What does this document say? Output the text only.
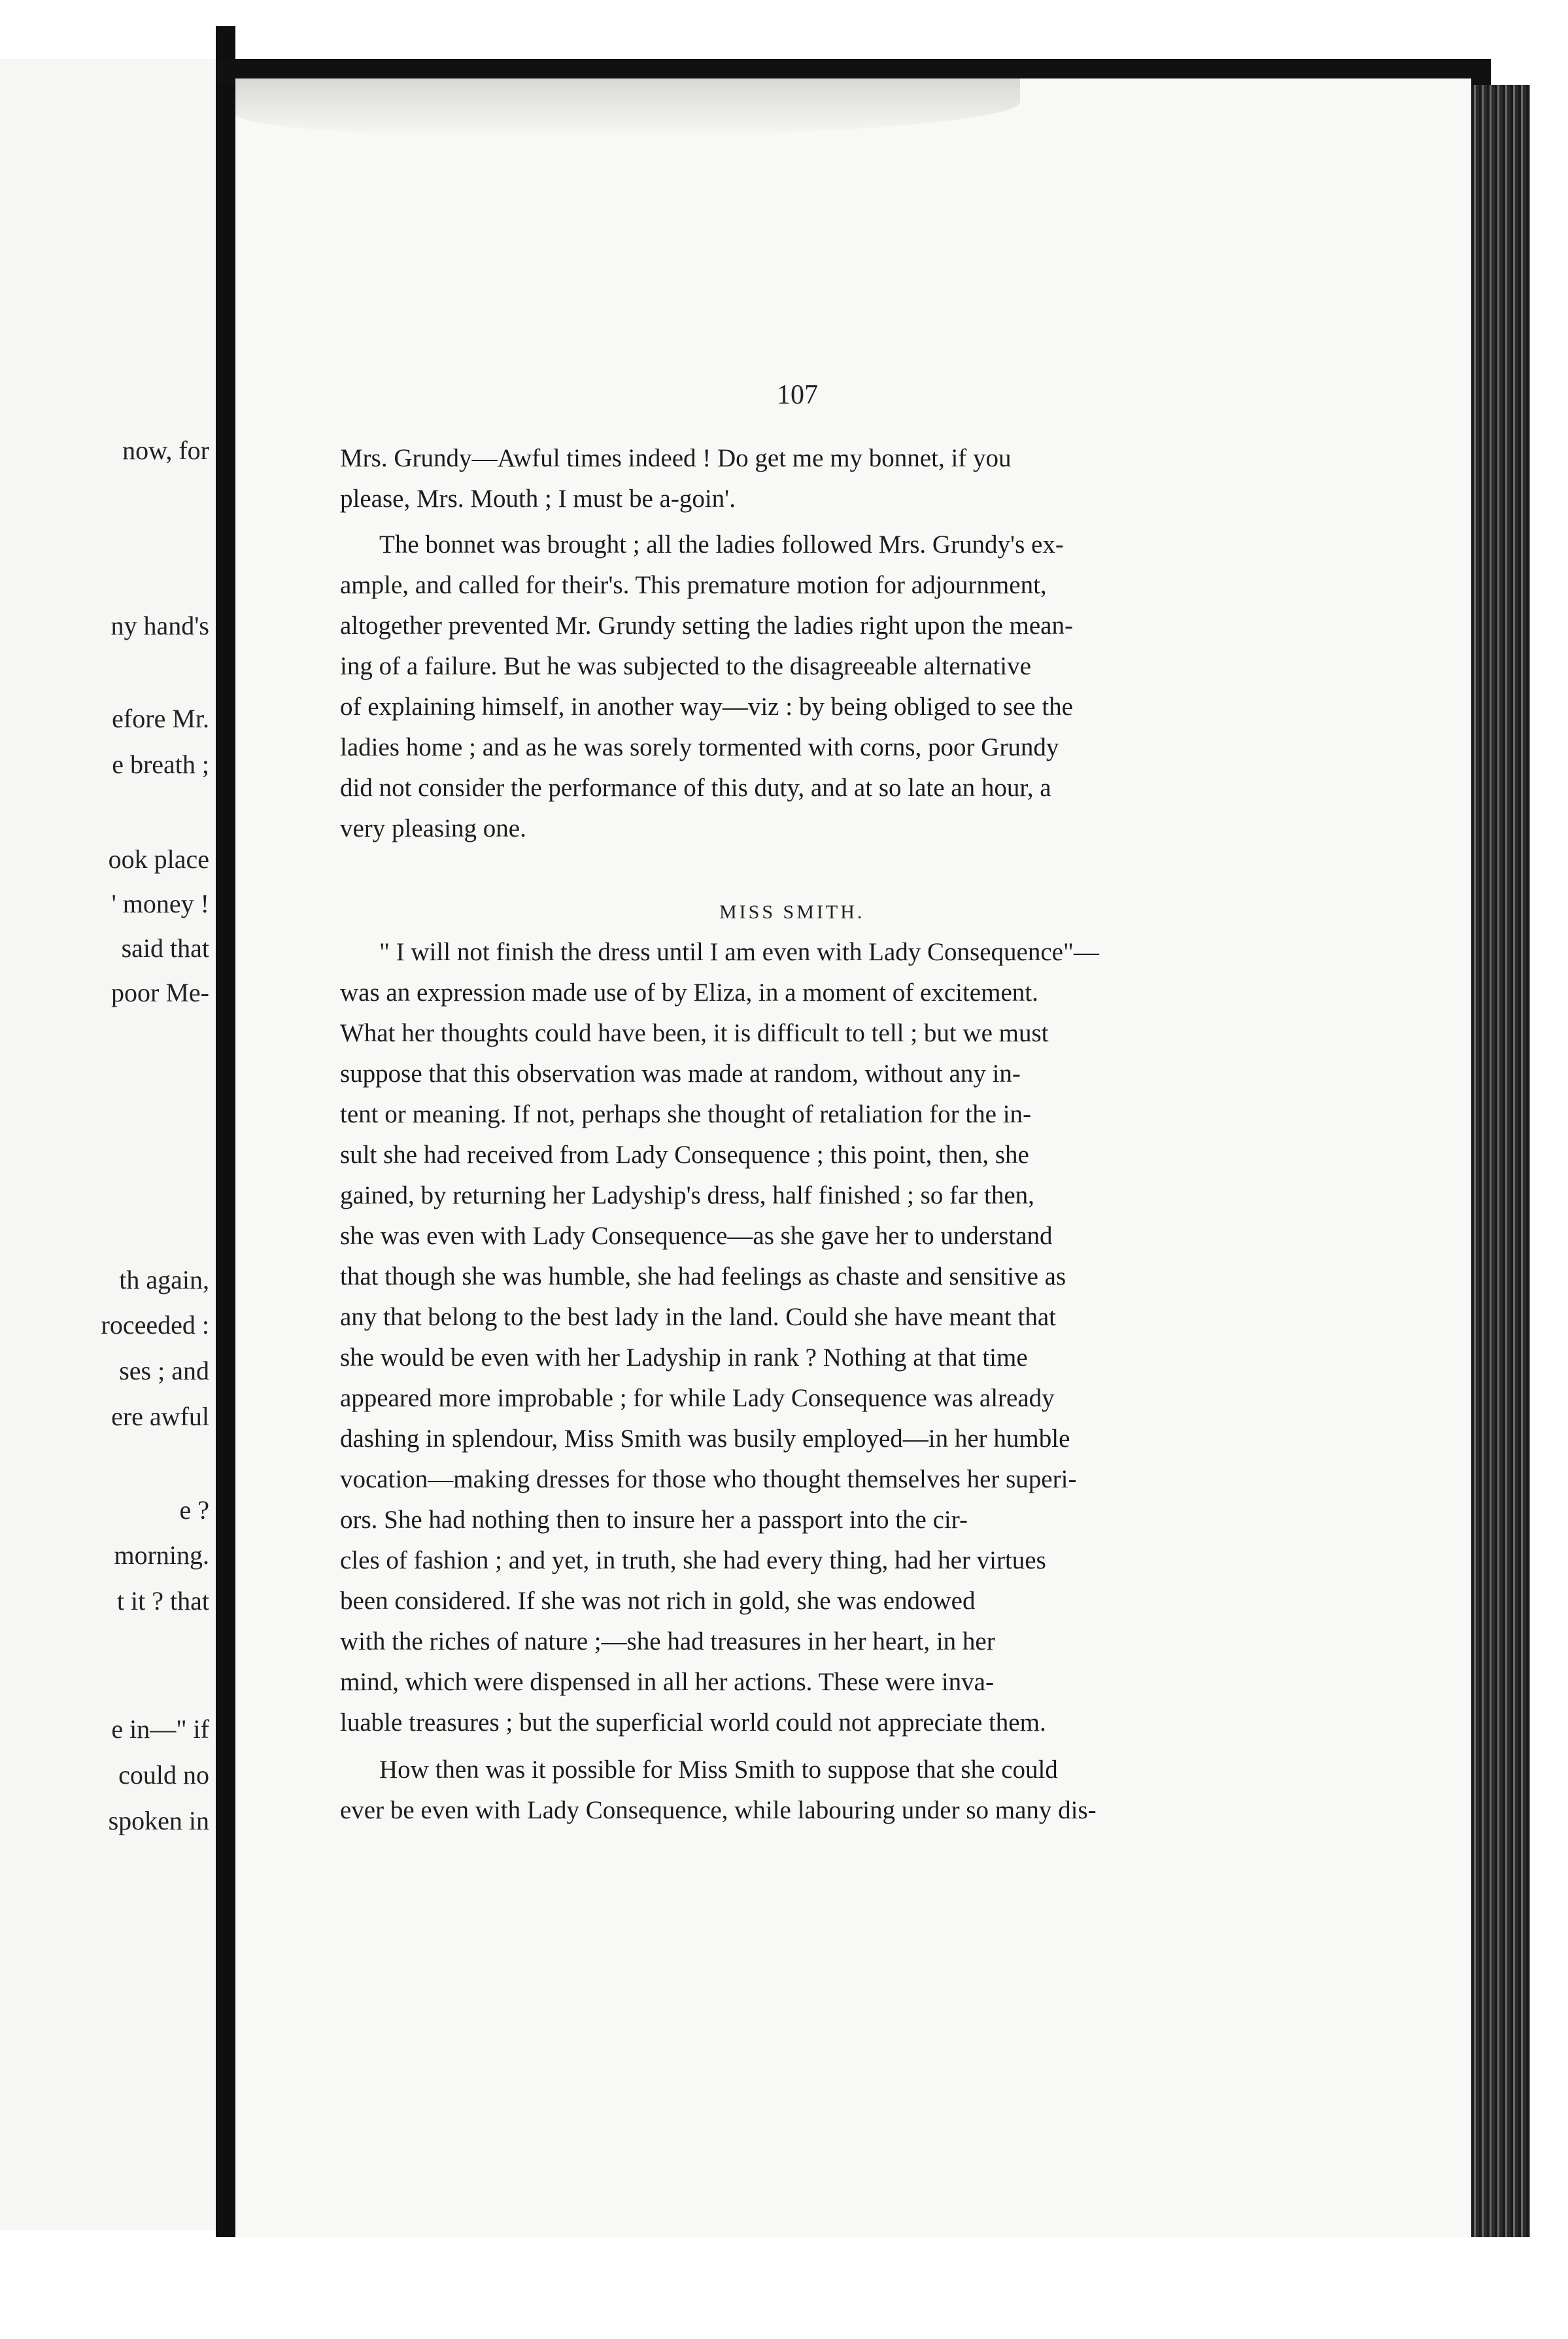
now, for
ny hand's
efore Mr.
e breath ;
ook place
' money !
said that
poor Me-
th again,
roceeded :
ses ; and
ere awful
e ?
morning.
t it ? that
e in—" if
could no
spoken in
107
Mrs. Grundy—Awful times indeed ! Do get me my bonnet, if you
please, Mrs. Mouth ; I must be a-goin'.
The bonnet was brought ; all the ladies followed Mrs. Grundy's ex-
ample, and called for their's. This premature motion for adjournment,
altogether prevented Mr. Grundy setting the ladies right upon the mean-
ing of a failure. But he was subjected to the disagreeable alternative
of explaining himself, in another way—viz : by being obliged to see the
ladies home ; and as he was sorely tormented with corns, poor Grundy
did not consider the performance of this duty, and at so late an hour, a
very pleasing one.
MISS SMITH.
" I will not finish the dress until I am even with Lady Consequence"—
was an expression made use of by Eliza, in a moment of excitement.
What her thoughts could have been, it is difficult to tell ; but we must
suppose that this observation was made at random, without any in-
tent or meaning. If not, perhaps she thought of retaliation for the in-
sult she had received from Lady Consequence ; this point, then, she
gained, by returning her Ladyship's dress, half finished ; so far then,
she was even with Lady Consequence—as she gave her to understand
that though she was humble, she had feelings as chaste and sensitive as
any that belong to the best lady in the land. Could she have meant that
she would be even with her Ladyship in rank ? Nothing at that time
appeared more improbable ; for while Lady Consequence was already
dashing in splendour, Miss Smith was busily employed—in her humble
vocation—making dresses for those who thought themselves her superi-
ors. She had nothing then to insure her a passport into the cir-
cles of fashion ; and yet, in truth, she had every thing, had her virtues
been considered. If she was not rich in gold, she was endowed
with the riches of nature ;—she had treasures in her heart, in her
mind, which were dispensed in all her actions. These were inva-
luable treasures ; but the superficial world could not appreciate them.
How then was it possible for Miss Smith to suppose that she could
ever be even with Lady Consequence, while labouring under so many dis-
